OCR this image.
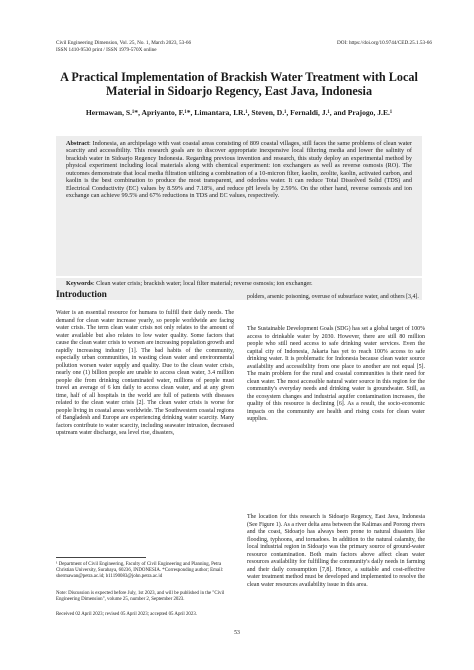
Civil Engineering Dimension, Vol. 25, No. 1, March 2023, 53-66
ISSN 1410-9530 print / ISSN 1979-570X online
DOI: https://doi.org/10.9744/CED.25.1.53-66
A Practical Implementation of Brackish Water Treatment with Local Material in Sidoarjo Regency, East Java, Indonesia
Hermawan, S.¹*, Apriyanto, F.¹*, Limantara, I.R.¹, Steven, D.¹, Fernaldi, J.¹, and Prajogo, J.E.¹
Abstract: Indonesia, an archipelago with vast coastal areas consisting of 809 coastal villages, still faces the same problems of clean water scarcity and accessibility. This research goals are to discover appropriate inexpensive local filtering media and lower the salinity of brackish water in Sidoarjo Regency Indonesia. Regarding previous invention and research, this study deploy an experimental method by physical experiment including local materials along with chemical experiment: ion exchangers as well as reverse osmosis (RO). The outcomes demonstrate that local media filtration utilizing a combination of a 10-micron filter, kaolin, zeolite, kaolin, activated carbon, and kaolin is the best combination to produce the most transparent, and odorless water. It can reduce Total Dissolved Solid (TDS) and Electrical Conductivity (EC) values by 8.59% and 7.18%, and reduce pH levels by 2.59%. On the other hand, reverse osmosis and ion exchange can achieve 99.5% and 67% reductions in TDS and EC values, respectively.
Keywords: Clean water crisis; brackish water; local filter material; reverse osmosis; ion exchanger.
Introduction

Water is an essential resource for humans to fulfill their daily needs. The demand for clean water increase yearly, so people worldwide are facing water crisis. The term clean water crisis not only relates to the amount of water available but also relates to low water quality. Some factors that cause the clean water crisis to worsen are increasing population growth and rapidly increasing industry [1]. The bad habits of the community, especially urban communities, in wasting clean water and environmental pollution worsen water supply and quality. Due to the clean water crisis, nearly one (1) billion people are unable to access clean water, 3.4 million people die from drinking contaminated water, millions of people must travel an average of 6 km daily to access clean water, and at any given time, half of all hospitals in the world are full of patients with diseases related to the clean water crisis [2]. The clean water crisis is worse for people living in coastal areas worldwide. The Southwestern coastal regions of Bangladesh and Europe are experiencing drinking water scarcity. Many factors contribute to water scarcity, including seawater intrusion, decreased upstream water discharge, sea level rise, disasters,

¹ Department of Civil Engineering, Faculty of Civil Engineering and Planning, Petra Christian University, Surabaya, 60236, INDONESIA. *Corresponding author; Email: shermawan@petra.ac.id; b11190083@john.petra.ac.id
Note: Discussion is expected before July, 1st 2023, and will be published in the "Civil Engineering Dimension", volume 25, number 2, September 2023.
Received 02 April 2023; revised 05 April 2023; accepted 05 April 2023.

polders, arsenic poisoning, overuse of subsurface water, and others [3,4].

The Sustainable Development Goals (SDG) has set a global target of 100% access to drinkable water by 2030. However, there are still 80 million people who still need access to safe drinking water services. Even the capital city of Indonesia, Jakarta has yet to reach 100% access to safe drinking water. It is problematic for Indonesia because clean water source availability and accessibility from one place to another are not equal [5]. The main problem for the rural and coastal communities is their need for clean water. The most accessible natural water source in this region for the community's everyday needs and drinking water is groundwater. Still, as the ecosystem changes and industrial aquifer contamination increases, the quality of this resource is declining [6]. As a result, the socio-economic impacts on the community are health and rising costs for clean water supplies.

The location for this research is Sidoarjo Regency, East Java, Indonesia (See Figure 1). As a river delta area between the Kalimas and Porong rivers and the coast, Sidoarjo has always been prone to natural disasters like flooding, typhoons, and tornadoes. In addition to the natural calamity, the local industrial region in Sidoarjo was the primary source of ground-water resource contamination. Both main factors above affect clean water resources availability for fulfilling the community's daily needs in farming and their daily consumption [7,8]. Hence, a suitable and cost-effective water treatment method must be developed and implemented to resolve the clean water resources availability issue in this area.

53
